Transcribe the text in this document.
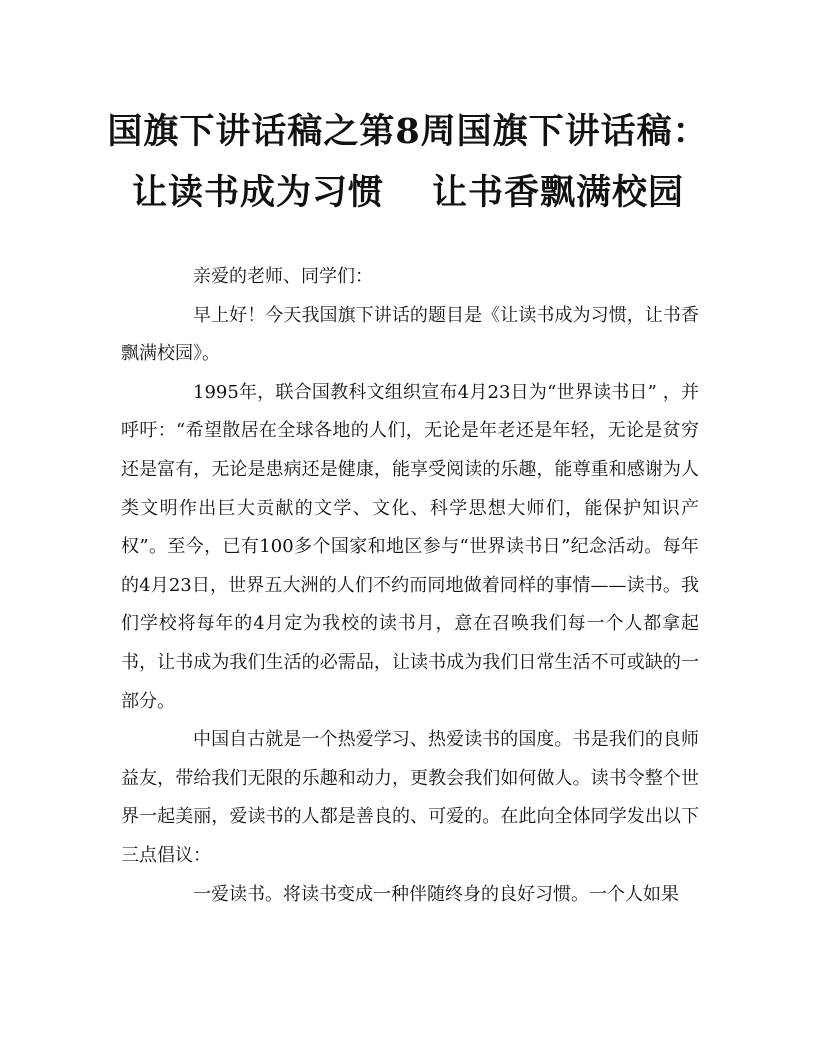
国旗下讲话稿之第8周国旗下讲话稿：
让读书成为习惯 让书香飘满校园

亲爱的老师、同学们：

早上好！今天我国旗下讲话的题目是《让读书成为习惯，让书香飘满校园》。

1995年，联合国教科文组织宣布4月23日为“世界读书日” ，并呼吁：“希望散居在全球各地的人们，无论是年老还是年轻，无论是贫穷还是富有，无论是患病还是健康，能享受阅读的乐趣，能尊重和感谢为人类文明作出巨大贡献的文学、文化、科学思想大师们，能保护知识产权”。至今，已有100多个国家和地区参与“世界读书日”纪念活动。每年的4月23日，世界五大洲的人们不约而同地做着同样的事情——读书。我们学校将每年的4月定为我校的读书月，意在召唤我们每一个人都拿起书，让书成为我们生活的必需品，让读书成为我们日常生活不可或缺的一部分。

中国自古就是一个热爱学习、热爱读书的国度。书是我们的良师益友，带给我们无限的乐趣和动力，更教会我们如何做人。读书令整个世界一起美丽，爱读书的人都是善良的、可爱的。在此向全体同学发出以下三点倡议：

一爱读书。将读书变成一种伴随终身的良好习惯。一个人如果
